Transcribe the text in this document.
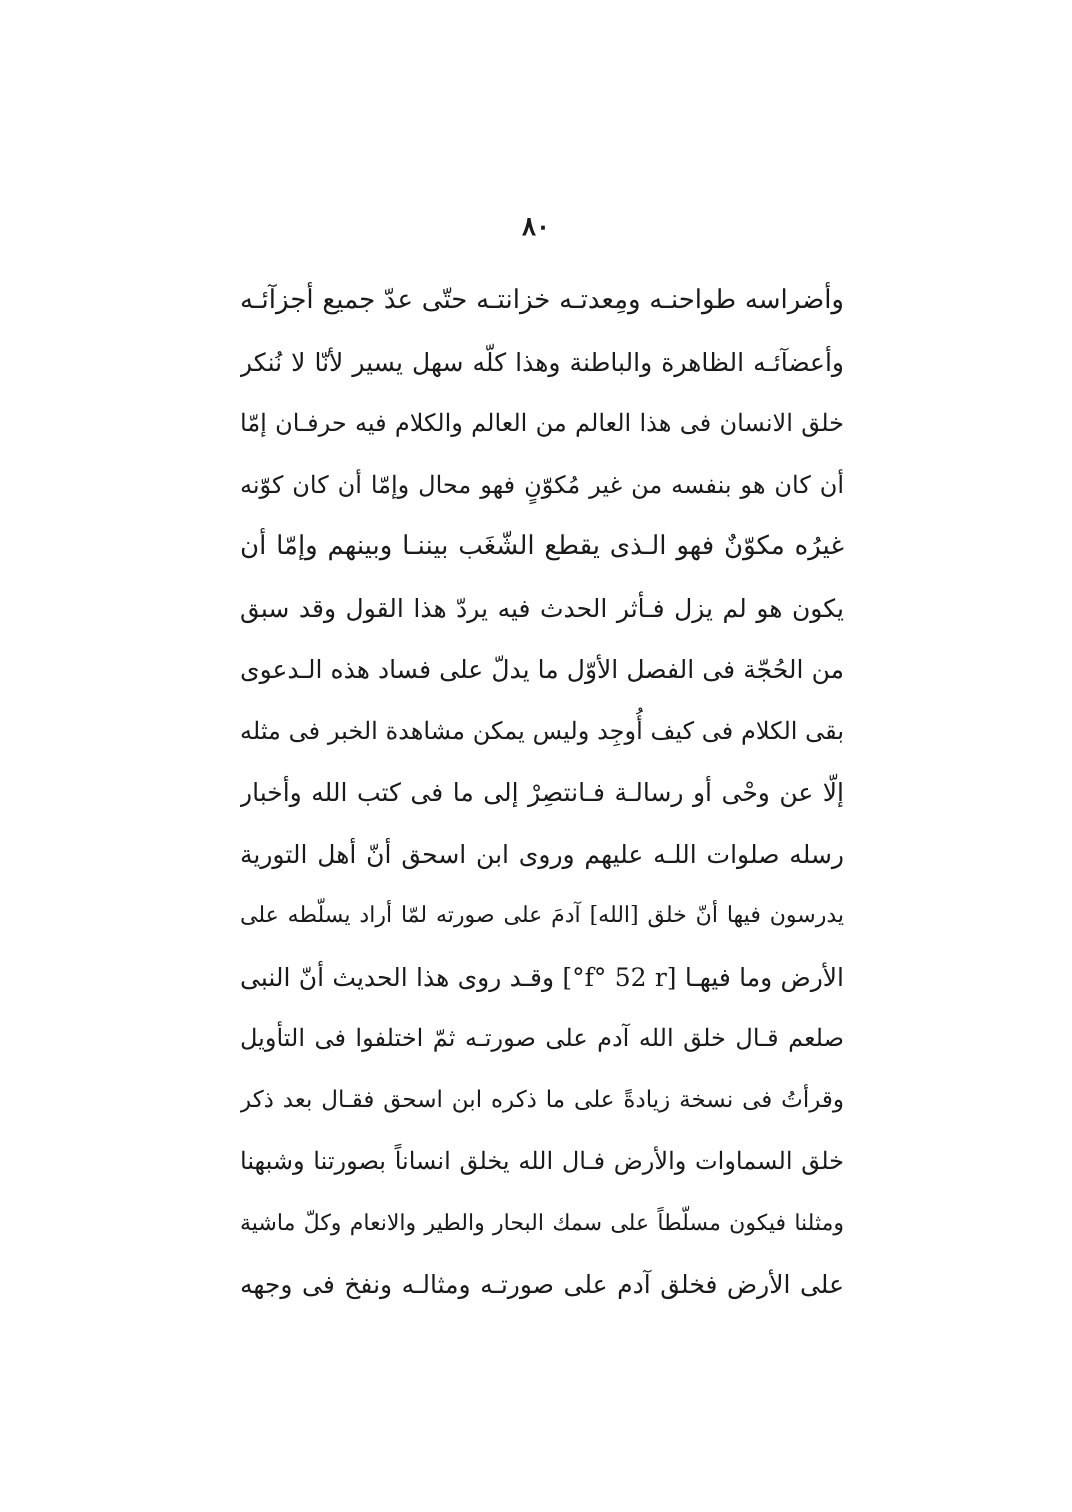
٨٠
وأضراسه طواحنـه ومِعدتـه خزانتـه حتّى عدّ جميع أجزآئـه
وأعضآئـه الظاهرة والباطنة وهذا كلّه سهل يسير لأنّا لا نُنكر
خلق الانسان فى هذا العالم من العالم والكلام فيه حرفـان إمّا
أن كان هو بنفسه من غير مُكوّنٍ فهو محال وإمّا أن كان كوّنه
غيرُه مكوّنٌ فهو الـذى يقطع الشّغَب بيننـا وبينهم وإمّا أن
يكون هو لم يزل فـأثر الحدث فيه يردّ هذا القول وقد سبق
من الحُجّة فى الفصل الأوّل ما يدلّ على فساد هذه الـدعوى
بقى الكلام فى كيف أُوجِد وليس يمكن مشاهدة الخبر فى مثله
إلّا عن وحْى أو رسالـة فـانتصِرْ إلى ما فى كتب الله وأخبار
رسله صلوات اللـه عليهم وروى ابن اسحق أنّ أهل التورية
يدرسون فيها أنّ خلق [الله] آدمَ على صورته لمّا أراد يسلّطه على
الأرض وما فيهـا [f° 52 r°] وقـد روى هذا الحديث أنّ النبى
صلعم قـال خلق الله آدم على صورتـه ثمّ اختلفوا فى التأويل
وقرأتُ فى نسخة زيادةً على ما ذكره ابن اسحق فقـال بعد ذكر
خلق السماوات والأرض فـال الله يخلق انساناً بصورتنا وشبهنا
ومثلنا فيكون مسلّطاً على سمك البحار والطير والانعام وكلّ ماشية
على الأرض فخلق آدم على صورتـه ومثالـه ونفخ فى وجهه
